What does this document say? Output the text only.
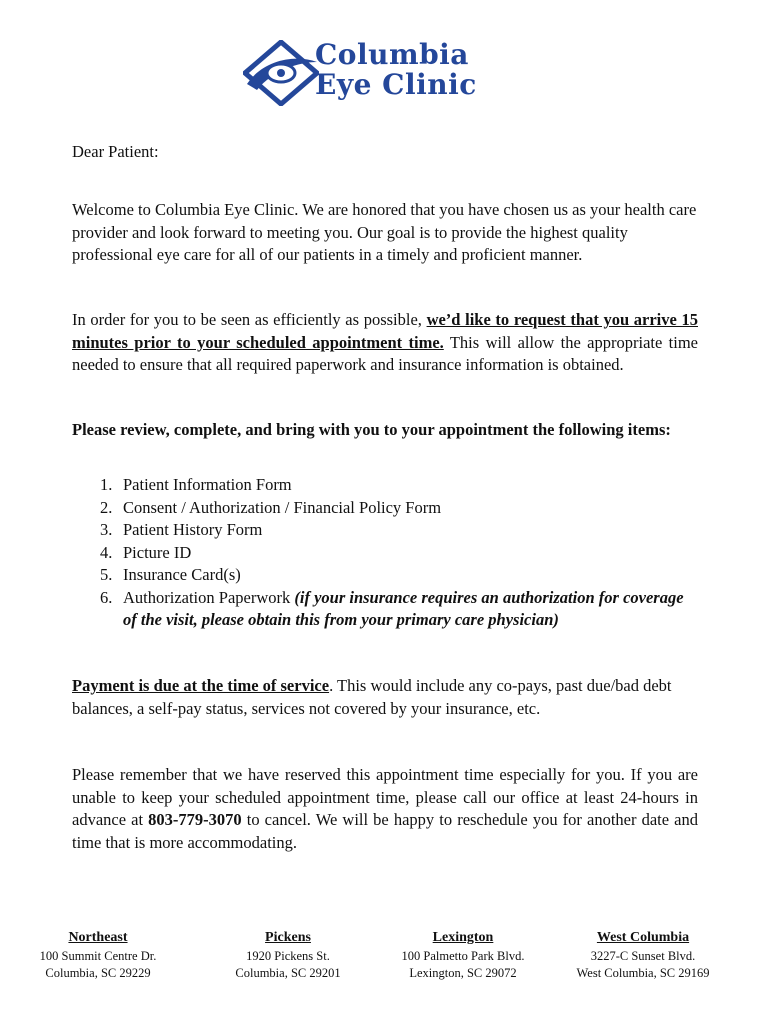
Columbia
Eye Clinic

Dear Patient:

Welcome to Columbia Eye Clinic. We are honored that you have chosen us as your health care provider and look forward to meeting you. Our goal is to provide the highest quality professional eye care for all of our patients in a timely and proficient manner.

In order for you to be seen as efficiently as possible, we’d like to request that you arrive 15 minutes prior to your scheduled appointment time. This will allow the appropriate time needed to ensure that all required paperwork and insurance information is obtained.

Please review, complete, and bring with you to your appointment the following items:

1. Patient Information Form
2. Consent / Authorization / Financial Policy Form
3. Patient History Form
4. Picture ID
5. Insurance Card(s)
6. Authorization Paperwork (if your insurance requires an authorization for coverage of the visit, please obtain this from your primary care physician)

Payment is due at the time of service. This would include any co-pays, past due/bad debt balances, a self-pay status, services not covered by your insurance, etc.

Please remember that we have reserved this appointment time especially for you. If you are unable to keep your scheduled appointment time, please call our office at least 24-hours in advance at 803-779-3070 to cancel. We will be happy to reschedule you for another date and time that is more accommodating.

Northeast
100 Summit Centre Dr.
Columbia, SC 29229
Pickens
1920 Pickens St.
Columbia, SC 29201
Lexington
100 Palmetto Park Blvd.
Lexington, SC 29072
West Columbia
3227-C Sunset Blvd.
West Columbia, SC 29169
